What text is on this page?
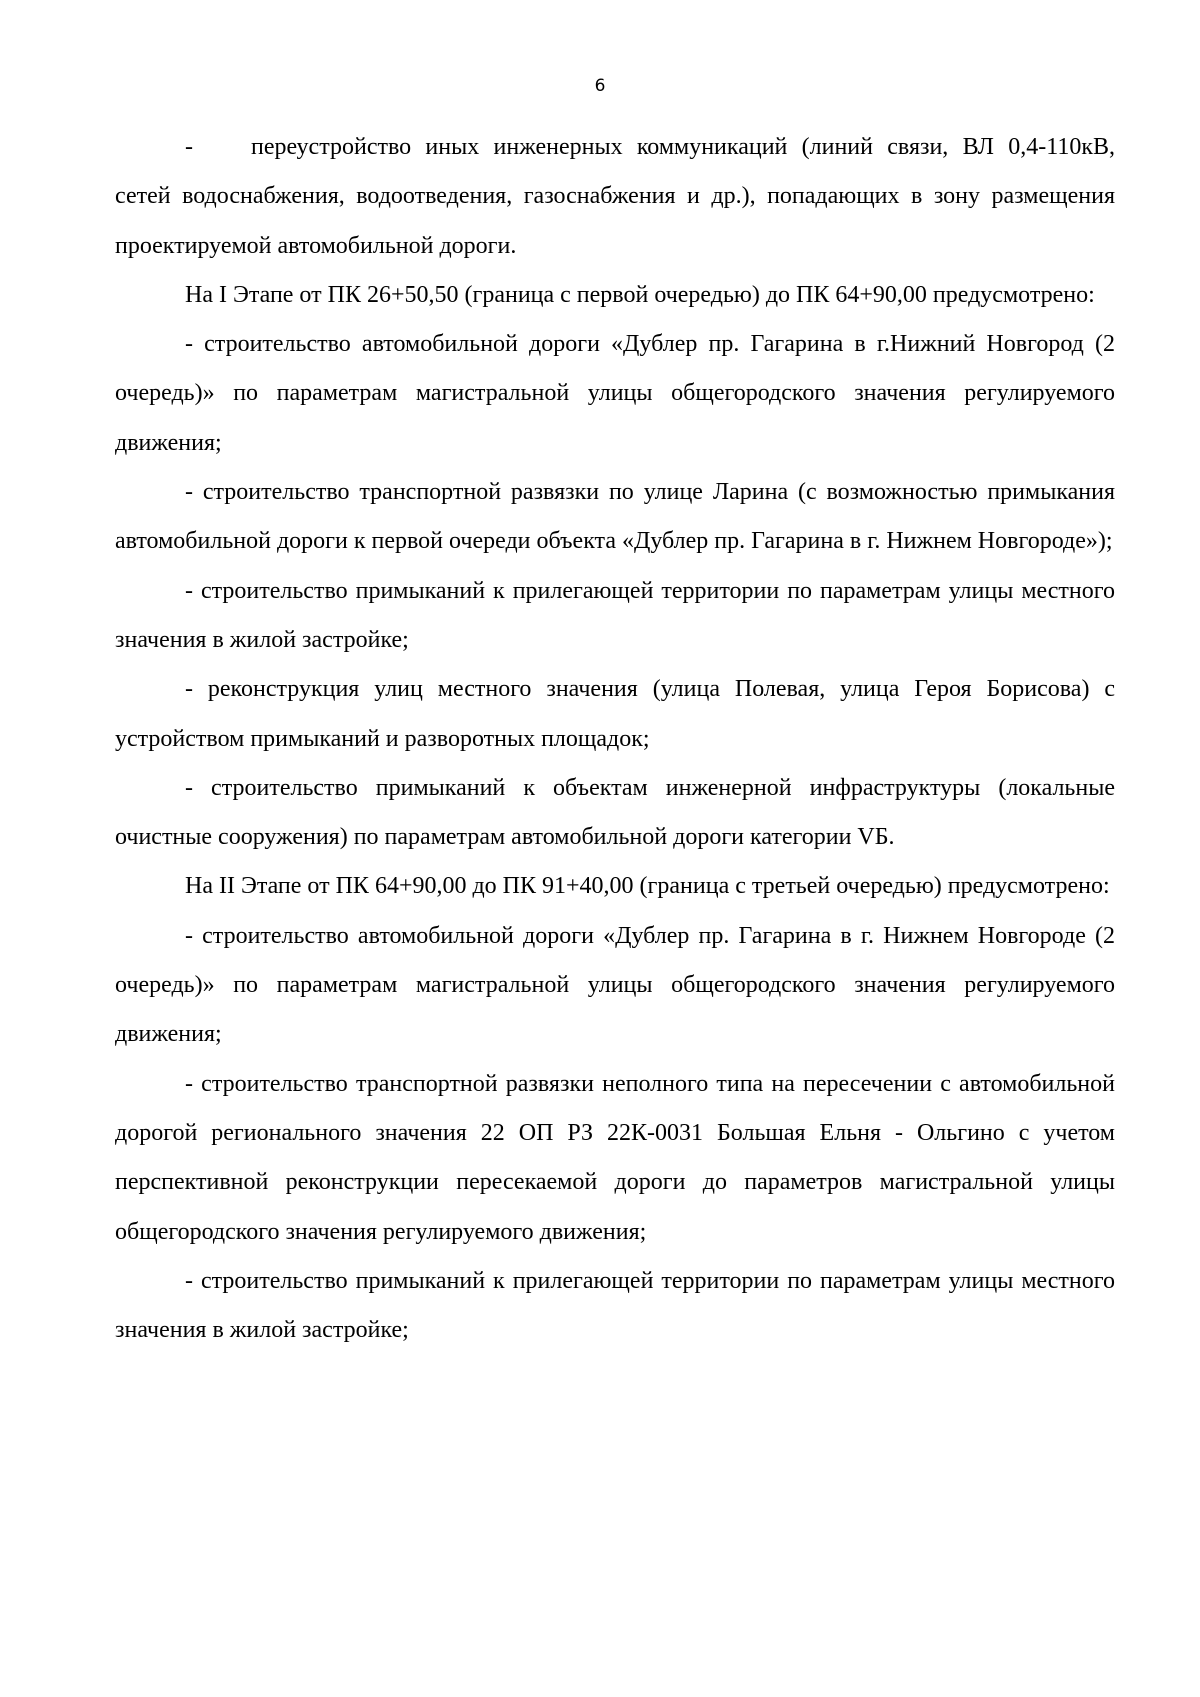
6

- переустройство иных инженерных коммуникаций (линий связи, ВЛ 0,4-110кВ, сетей водоснабжения, водоотведения, газоснабжения и др.), попадающих в зону размещения проектируемой автомобильной дороги.

На I Этапе от ПК 26+50,50 (граница с первой очередью) до ПК 64+90,00 предусмотрено:

- строительство автомобильной дороги «Дублер пр. Гагарина в г.Нижний Новгород (2 очередь)» по параметрам магистральной улицы общегородского значения регулируемого движения;

- строительство транспортной развязки по улице Ларина (с возможностью примыкания автомобильной дороги к первой очереди объекта «Дублер пр. Гагарина в г. Нижнем Новгороде»);

- строительство примыканий к прилегающей территории по параметрам улицы местного значения в жилой застройке;

- реконструкция улиц местного значения (улица Полевая, улица Героя Борисова) с устройством примыканий и разворотных площадок;

- строительство примыканий к объектам инженерной инфраструктуры (локальные очистные сооружения) по параметрам автомобильной дороги категории VБ.

На II Этапе от ПК 64+90,00 до ПК 91+40,00 (граница с третьей очередью) предусмотрено:

- строительство автомобильной дороги «Дублер пр. Гагарина в г. Нижнем Новгороде (2 очередь)» по параметрам магистральной улицы общегородского значения регулируемого движения;

- строительство транспортной развязки неполного типа на пересечении с автомобильной дорогой регионального значения 22 ОП РЗ 22К-0031 Большая Ельня - Ольгино с учетом перспективной реконструкции пересекаемой дороги до параметров магистральной улицы общегородского значения регулируемого движения;

- строительство примыканий к прилегающей территории по параметрам улицы местного значения в жилой застройке;
